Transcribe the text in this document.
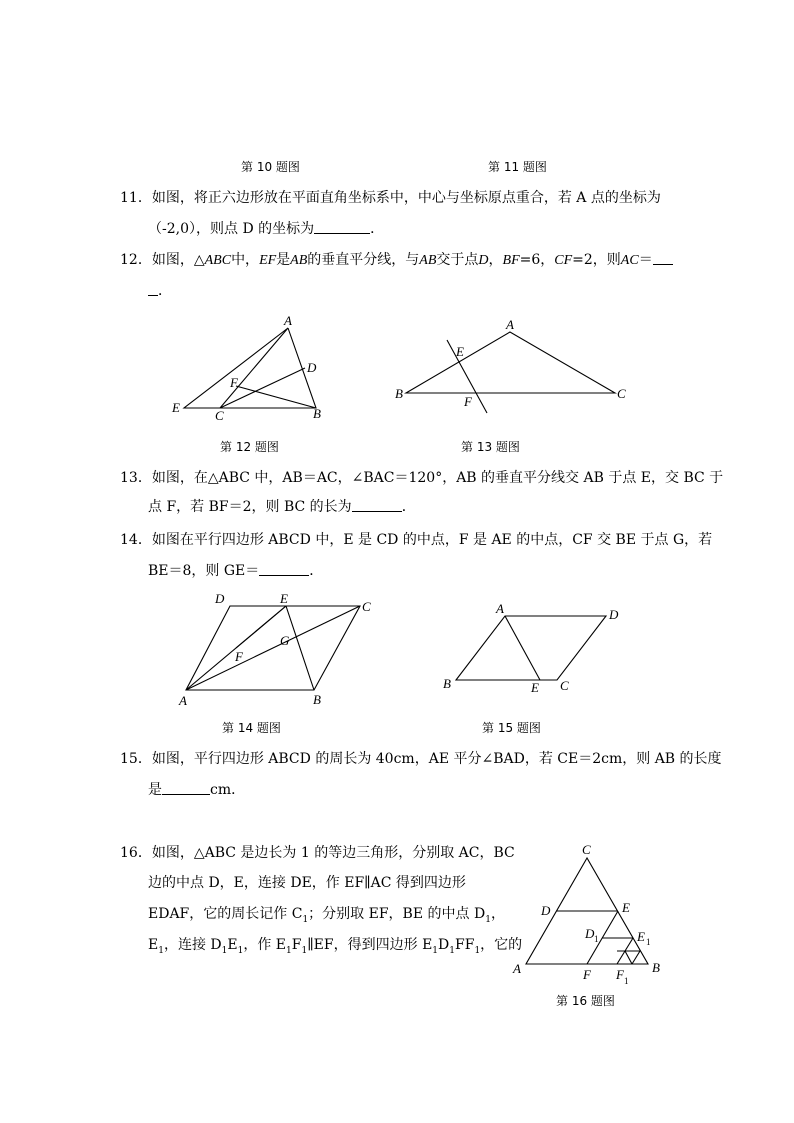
第 10 题图	第 11 题图
11．如图，将正六边形放在平面直角坐标系中，中心与坐标原点重合，若 A 点的坐标为
（-2,0），则点 D 的坐标为	．
12．如图，△ABC中，EF是AB的垂直平分线，与AB交于点D，BF=6，CF=2，则AC＝
．
A
D
F
E
C	B
A
E
B	C
F
D	E
C
G
F
A	B
A	D
B	E C
C
D	E
D 1	E 1
A	F F 1
B
第 12 题图	第 13 题图
13．如图，在△ABC 中，AB＝AC，∠BAC＝120°，AB 的垂直平分线交 AB 于点 E，交 BC 于
点 F，若 BF＝2，则 BC 的长为	．
14．如图在平行四边形 ABCD 中，E 是 CD 的中点，F 是 AE 的中点，CF 交 BE 于点 G，若
BE＝8，则 GE＝	．
第 14 题图	第 15 题图
15．如图，平行四边形 ABCD 的周长为 40cm，AE 平分∠BAD，若 CE＝2cm，则 AB 的长度
是	cm．
16．如图，△ABC 是边长为 1 的等边三角形，分别取 AC，BC
边的中点 D，E，连接 DE，作 EF∥AC 得到四边形
EDAF，它的周长记作 $C_1$；分别取 EF，BE 的中点 $D_1$，
$E_1$，连接 $D_1E_1$，作 $E_1F_1\parallel EF$，得到四边形 $E_1D_1FF_1$，它的
第 16 题图
